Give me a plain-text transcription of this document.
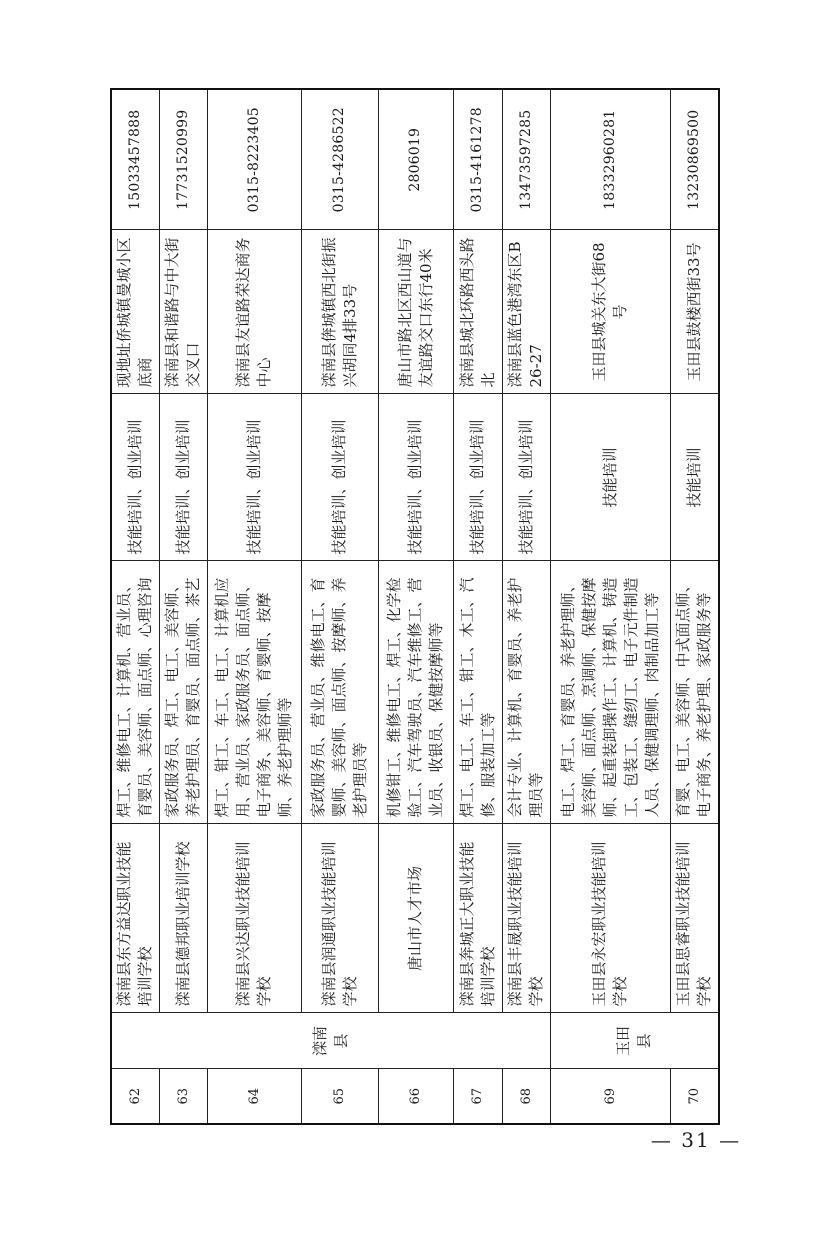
62	滦南县	滦南县东方益达职业技能培训学校	焊工、维修电工、计算机、营业员、育婴员、美容师、面点师、心理咨询	技能培训、创业培训	现地址侨城镇曼城小区底商	15033457888
63		滦南县德邦职业培训学校	家政服务员、焊工、电工、美容师、养老护理员、育婴员、面点师、茶艺	技能培训、创业培训	滦南县和谐路与中大街交叉口	17731520999
64		滦南县兴达职业技能培训学校	焊工、钳工、车工、电工、计算机应用、营业员、家政服务员、面点师、电子商务、美容师、育婴师、按摩师、养老护理师等	技能培训、创业培训	滦南县友谊路荣达商务中心	0315-8223405
65		滦南县润通职业技能培训学校	家政服务员、营业员、维修电工、育婴师、美容师、面点师、按摩师、养老护理员等	技能培训、创业培训	滦南县倴城镇西北街振兴胡同4排33号	0315-4286522
66		唐山市人才市场	机修钳工、维修电工、焊工、化学检验工、汽车驾驶员、汽车维修工、营业员、收银员、保健按摩师等	技能培训、创业培训	唐山市路北区西山道与友谊路交口东行40米	2806019
67		滦南县奔城正大职业技能培训学校	焊工、电工、车工、钳工、木工、汽修、服装加工等	技能培训、创业培训	滦南县城北环路西头路北	0315-4161278
68		滦南县丰晟职业技能培训学校	会计专业、计算机、育婴员、养老护理员等	技能培训、创业培训	滦南县蓝色港湾东区B26-27	13473597285
69	玉田县	玉田县永宏职业技能培训学校	电工、焊工、育婴员、养老护理师、美容师、面点师、烹调师、保健按摩师、起重装卸操作工、计算机、铸造工、包装工、缝纫工、电子元件制造人员、保健调理师、肉制品加工等	技能培训	玉田县城关东大街68号	18332960281
70		玉田县思睿职业技能培训学校	育婴、电工、美容师、中式面点师、电子商务、养老护理、家政服务等	技能培训	玉田县鼓楼西街33号	13230869500
— 31 —
